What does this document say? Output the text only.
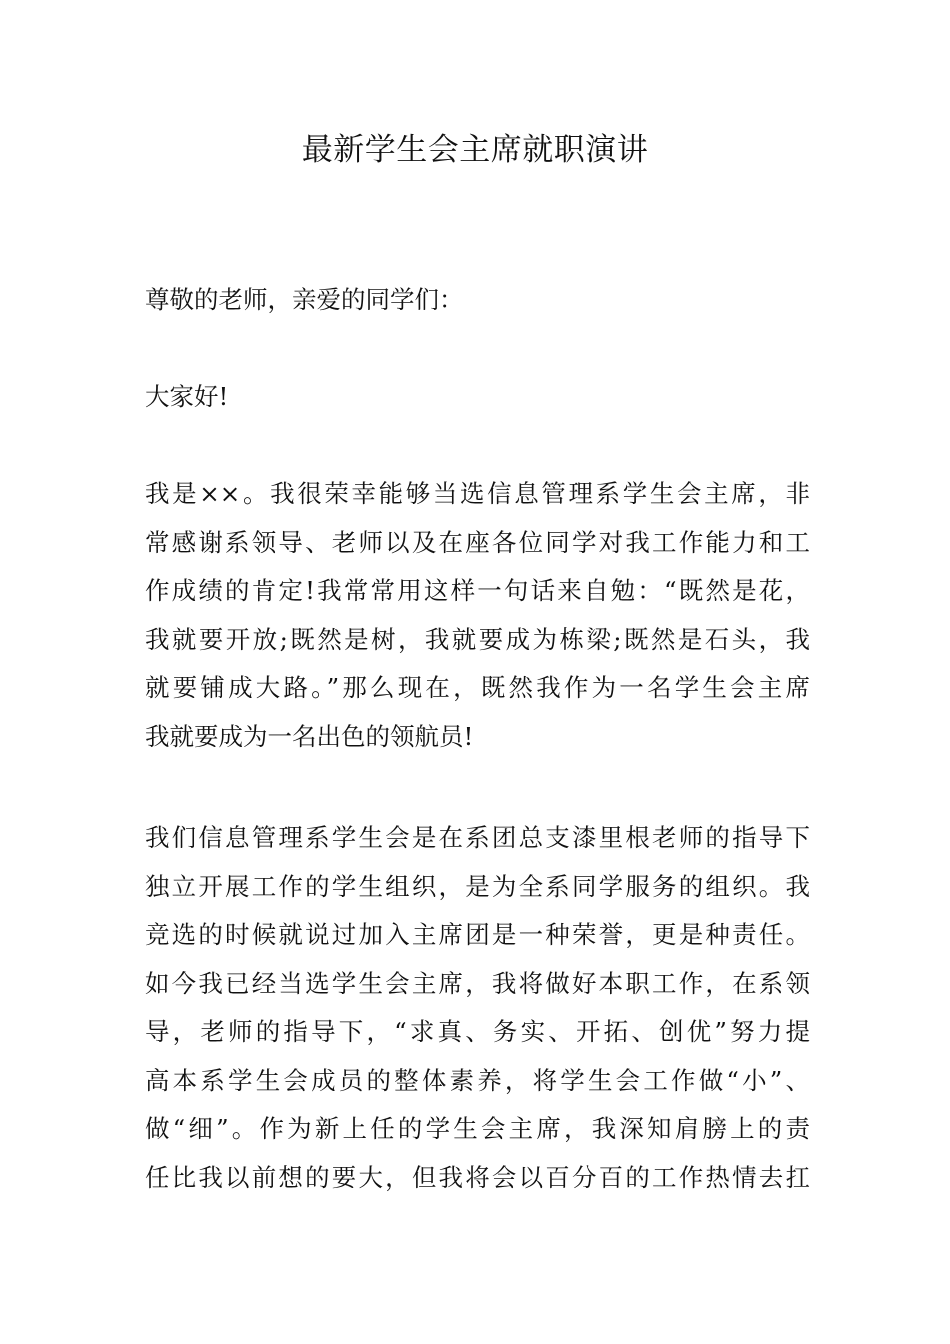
最新学生会主席就职演讲
尊敬的老师，亲爱的同学们：
大家好!
我是××。我很荣幸能够当选信息管理系学生会主席，非
常感谢系领导、老师以及在座各位同学对我工作能力和工
作成绩的肯定!我常常用这样一句话来自勉：“既然是花，
我就要开放;既然是树，我就要成为栋梁;既然是石头，我
就要铺成大路。”那么现在，既然我作为一名学生会主席
我就要成为一名出色的领航员!
我们信息管理系学生会是在系团总支漆里根老师的指导下
独立开展工作的学生组织，是为全系同学服务的组织。我
竞选的时候就说过加入主席团是一种荣誉，更是种责任。
如今我已经当选学生会主席，我将做好本职工作，在系领
导，老师的指导下，“求真、务实、开拓、创优”努力提
高本系学生会成员的整体素养，将学生会工作做“小”、
做“细”。作为新上任的学生会主席，我深知肩膀上的责
任比我以前想的要大，但我将会以百分百的工作热情去扛
